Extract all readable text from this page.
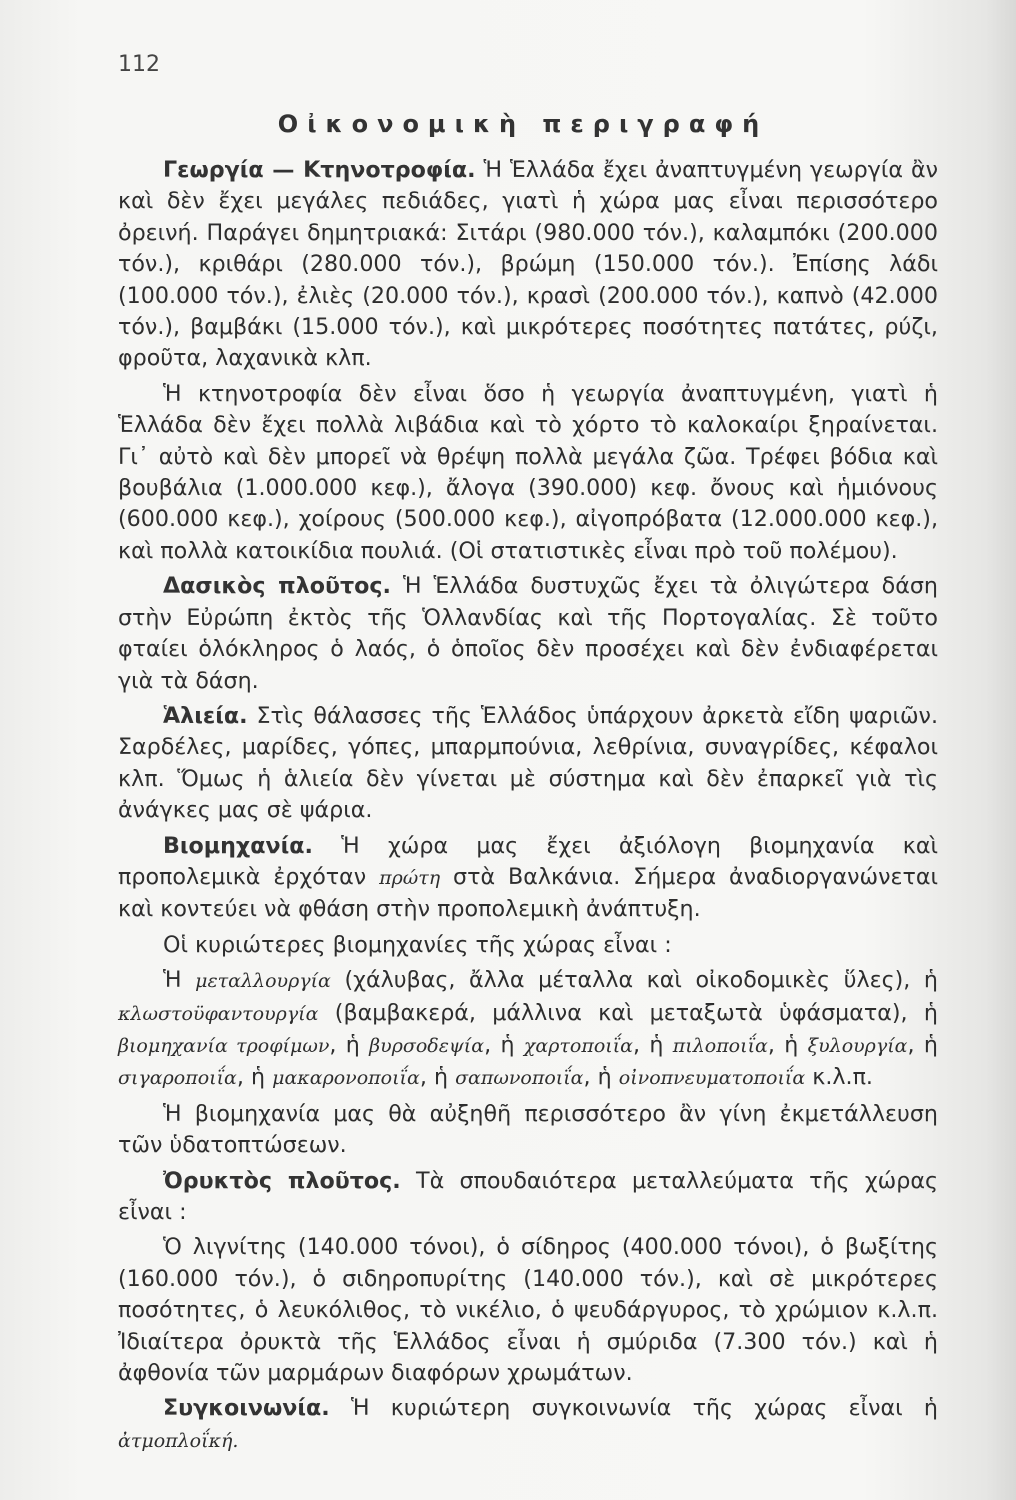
112
Οἰκονομικὴ περιγραφή

Γεωργία — Κτηνοτροφία. Ἡ Ἑλλάδα ἔχει ἀναπτυγμένη γεωργία ἂν καὶ δὲν ἔχει μεγάλες πεδιάδες, γιατὶ ἡ χώρα μας εἶναι περισσότερο ὀρεινή. Παράγει δημητριακά: Σιτάρι (980.000 τόν.), καλαμπόκι (200.000 τόν.), κριθάρι (280.000 τόν.), βρώμη (150.000 τόν.). Ἐπίσης λάδι (100.000 τόν.), ἐλιὲς (20.000 τόν.), κρασὶ (200.000 τόν.), καπνὸ (42.000 τόν.), βαμβάκι (15.000 τόν.), καὶ μικρότερες ποσότητες πατάτες, ρύζι, φροῦτα, λαχανικὰ κλπ.

Ἡ κτηνοτροφία δὲν εἶναι ὅσο ἡ γεωργία ἀναπτυγμένη, γιατὶ ἡ Ἑλλάδα δὲν ἔχει πολλὰ λιβάδια καὶ τὸ χόρτο τὸ καλοκαίρι ξηραίνεται. Γι᾿ αὐτὸ καὶ δὲν μπορεῖ νὰ θρέψη πολλὰ μεγάλα ζῶα. Τρέφει βόδια καὶ βουβάλια (1.000.000 κεφ.), ἄλογα (390.000) κεφ. ὄνους καὶ ἡμιόνους (600.000 κεφ.), χοίρους (500.000 κεφ.), αἰγοπρόβατα (12.000.000 κεφ.), καὶ πολλὰ κατοικίδια πουλιά. (Οἱ στατιστικὲς εἶναι πρὸ τοῦ πολέμου).

Δασικὸς πλοῦτος. Ἡ Ἑλλάδα δυστυχῶς ἔχει τὰ ὀλιγώτερα δάση στὴν Εὐρώπη ἐκτὸς τῆς Ὁλλανδίας καὶ τῆς Πορτογαλίας. Σὲ τοῦτο φταίει ὁλόκληρος ὁ λαός, ὁ ὁποῖος δὲν προσέχει καὶ δὲν ἐνδιαφέρεται γιὰ τὰ δάση.

Ἁλιεία. Στὶς θάλασσες τῆς Ἑλλάδος ὑπάρχουν ἀρκετὰ εἴδη ψαριῶν. Σαρδέλες, μαρίδες, γόπες, μπαρμπούνια, λεθρίνια, συναγρίδες, κέφαλοι κλπ. Ὅμως ἡ ἁλιεία δὲν γίνεται μὲ σύστημα καὶ δὲν ἐπαρκεῖ γιὰ τὶς ἀνάγκες μας σὲ ψάρια.

Βιομηχανία. Ἡ χώρα μας ἔχει ἀξιόλογη βιομηχανία καὶ προπολεμικὰ ἐρχόταν πρώτη στὰ Βαλκάνια. Σήμερα ἀναδιοργανώνεται καὶ κοντεύει νὰ φθάση στὴν προπολεμικὴ ἀνάπτυξη.

Οἱ κυριώτερες βιομηχανίες τῆς χώρας εἶναι :

Ἡ μεταλλουργία (χάλυβας, ἄλλα μέταλλα καὶ οἰκοδομικὲς ὕλες), ἡ κλωστοϋφαντουργία (βαμβακερά, μάλλινα καὶ μεταξωτὰ ὑφάσματα), ἡ βιομηχανία τροφίμων, ἡ βυρσοδεψία, ἡ χαρτοποιΐα, ἡ πιλοποιΐα, ἡ ξυλουργία, ἡ σιγαροποιΐα, ἡ μακαρονοποιΐα, ἡ σαπωνοποιΐα, ἡ οἰνοπνευματοποιΐα κ.λ.π.

Ἡ βιομηχανία μας θὰ αὐξηθῆ περισσότερο ἂν γίνη ἐκμετάλλευση τῶν ὑδατοπτώσεων.

Ὀρυκτὸς πλοῦτος. Τὰ σπουδαιότερα μεταλλεύματα τῆς χώρας εἶναι :

Ὁ λιγνίτης (140.000 τόνοι), ὁ σίδηρος (400.000 τόνοι), ὁ βωξίτης (160.000 τόν.), ὁ σιδηροπυρίτης (140.000 τόν.), καὶ σὲ μικρότερες ποσότητες, ὁ λευκόλιθος, τὸ νικέλιο, ὁ ψευδάργυρος, τὸ χρώμιον κ.λ.π. Ἰδιαίτερα ὀρυκτὰ τῆς Ἑλλάδος εἶναι ἡ σμύριδα (7.300 τόν.) καὶ ἡ ἀφθονία τῶν μαρμάρων διαφόρων χρωμάτων.

Συγκοινωνία. Ἡ κυριώτερη συγκοινωνία τῆς χώρας εἶναι ἡ ἀτμοπλοΐκή.
